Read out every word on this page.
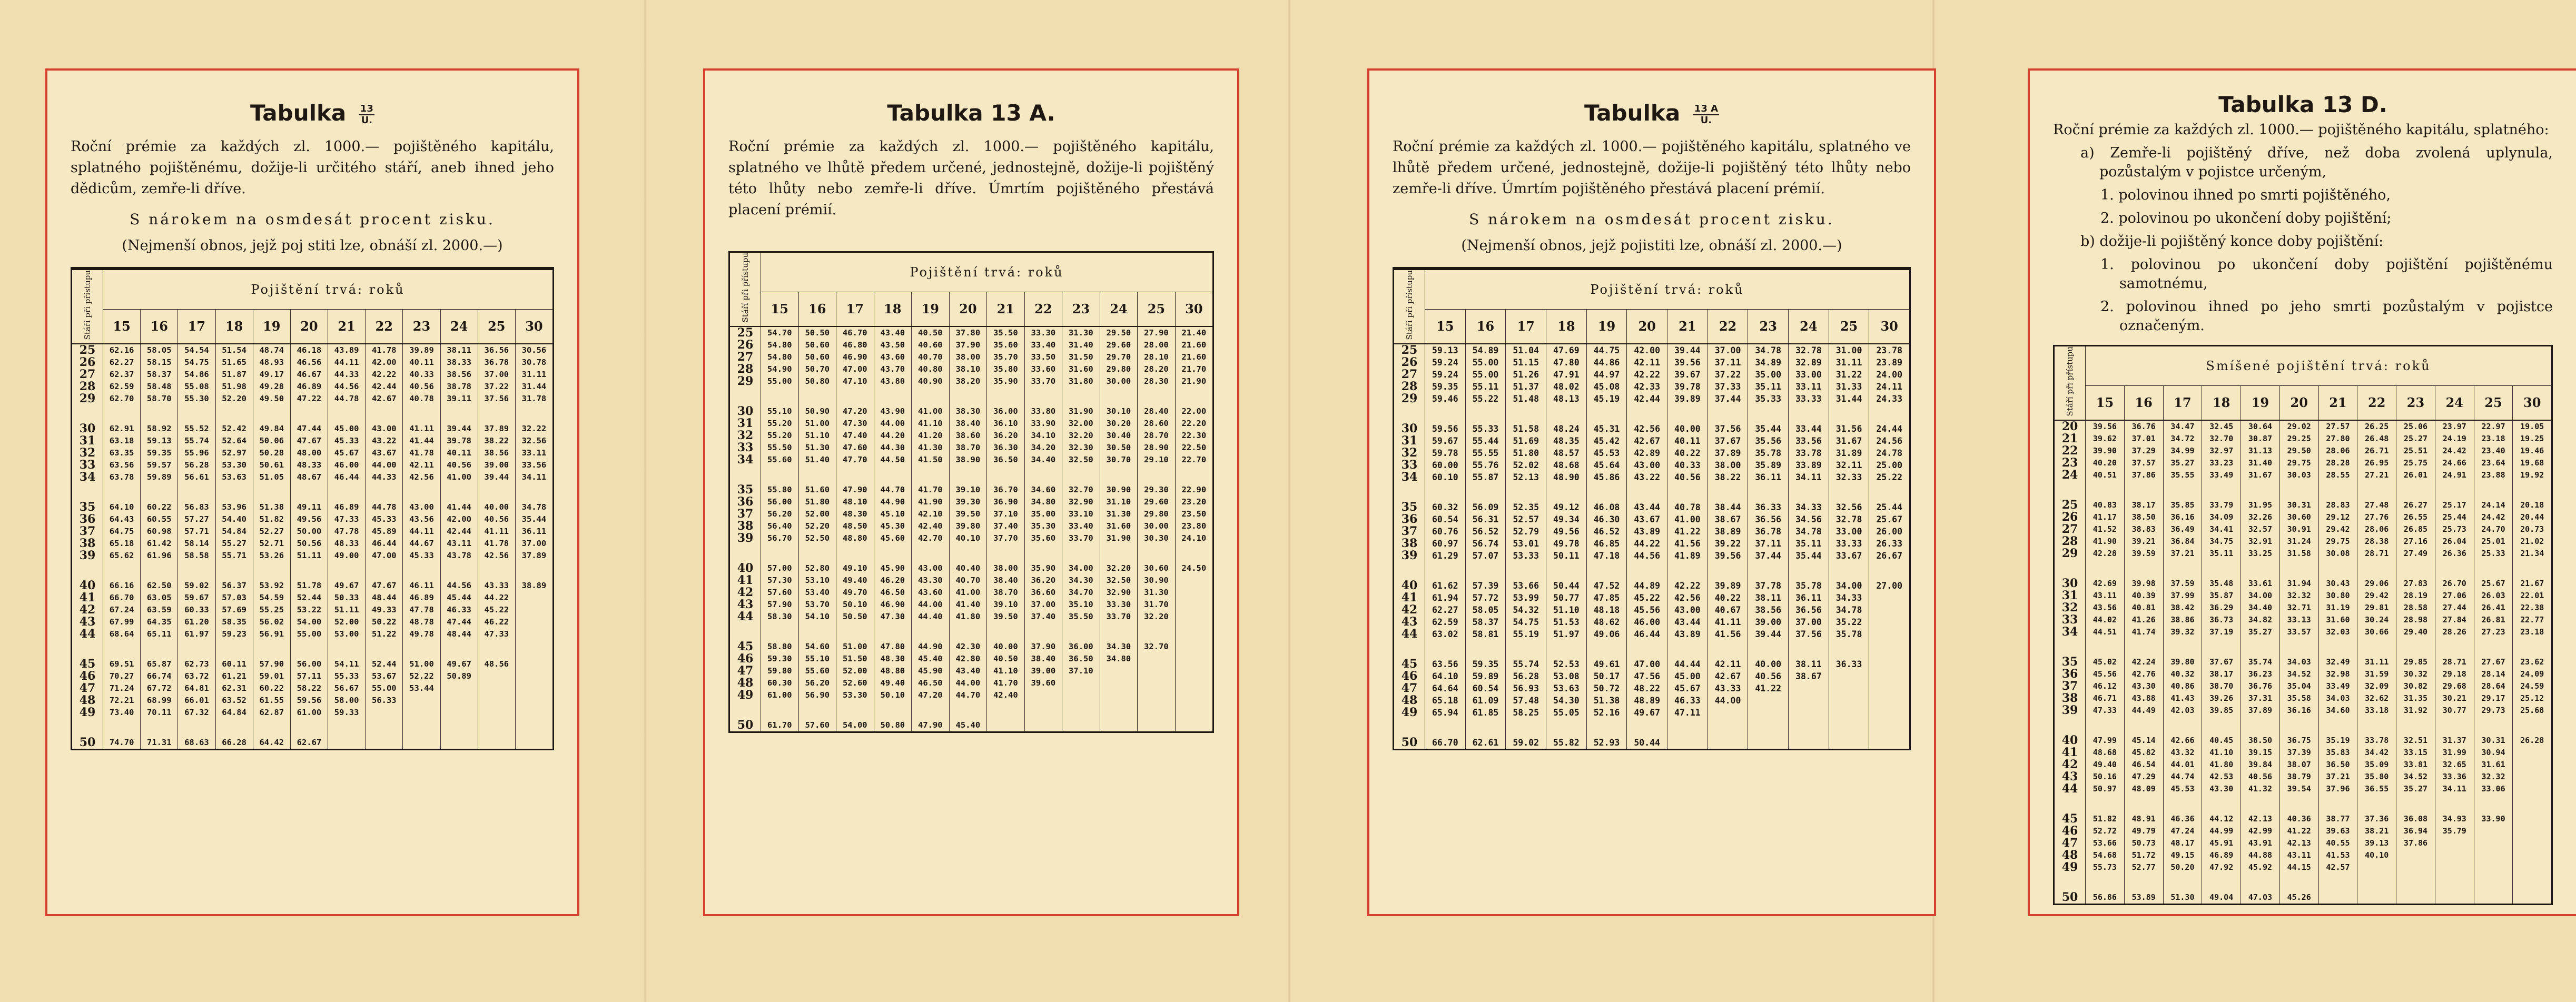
Tabulka $\frac{13}{U.}$

Roční prémie za každých zl. 1000.— pojištěného kapitálu, splatného pojištěnému, dožije-li určitého stáří, aneb ihned jeho dědicům, zemře-li dříve.

S nárokem na osmdesát procent zisku.

(Nejmenší obnos, jejž poj stiti lze, obnáší zl. 2000.—)

Stáří při přístupu	Pojištění trvá: roků											
	15	16	17	18	19	20	21	22	23	24	25	30
25	62.16	58.05	54.54	51.54	48.74	46.18	43.89	41.78	39.89	38.11	36.56	30.56
26	62.27	58.15	54.75	51.65	48.93	46.56	44.11	42.00	40.11	38.33	36.78	30.78
27	62.37	58.37	54.86	51.87	49.17	46.67	44.33	42.22	40.33	38.56	37.00	31.11
28	62.59	58.48	55.08	51.98	49.28	46.89	44.56	42.44	40.56	38.78	37.22	31.44
29	62.70	58.70	55.30	52.20	49.50	47.22	44.78	42.67	40.78	39.11	37.56	31.78

30	62.91	58.92	55.52	52.42	49.84	47.44	45.00	43.00	41.11	39.44	37.89	32.22
31	63.18	59.13	55.74	52.64	50.06	47.67	45.33	43.22	41.44	39.78	38.22	32.56
32	63.35	59.35	55.96	52.97	50.28	48.00	45.67	43.67	41.78	40.11	38.56	33.11
33	63.56	59.57	56.28	53.30	50.61	48.33	46.00	44.00	42.11	40.56	39.00	33.56
34	63.78	59.89	56.61	53.63	51.05	48.67	46.44	44.33	42.56	41.00	39.44	34.11

35	64.10	60.22	56.83	53.96	51.38	49.11	46.89	44.78	43.00	41.44	40.00	34.78
36	64.43	60.55	57.27	54.40	51.82	49.56	47.33	45.33	43.56	42.00	40.56	35.44
37	64.75	60.98	57.71	54.84	52.27	50.00	47.78	45.89	44.11	42.44	41.11	36.11
38	65.18	61.42	58.14	55.27	52.71	50.56	48.33	46.44	44.67	43.11	41.78	37.00
39	65.62	61.96	58.58	55.71	53.26	51.11	49.00	47.00	45.33	43.78	42.56	37.89

40	66.16	62.50	59.02	56.37	53.92	51.78	49.67	47.67	46.11	44.56	43.33	38.89
41	66.70	63.05	59.67	57.03	54.59	52.44	50.33	48.44	46.89	45.44	44.22	
42	67.24	63.59	60.33	57.69	55.25	53.22	51.11	49.33	47.78	46.33	45.22	
43	67.99	64.35	61.20	58.35	56.02	54.00	52.00	50.22	48.78	47.44	46.22	
44	68.64	65.11	61.97	59.23	56.91	55.00	53.00	51.22	49.78	48.44	47.33	

45	69.51	65.87	62.73	60.11	57.90	56.00	54.11	52.44	51.00	49.67	48.56	
46	70.27	66.74	63.72	61.21	59.01	57.11	55.33	53.67	52.22	50.89		
47	71.24	67.72	64.81	62.31	60.22	58.22	56.67	55.00	53.44			
48	72.21	68.99	66.01	63.52	61.55	59.56	58.00	56.33				
49	73.40	70.11	67.32	64.84	62.87	61.00	59.33					

50	74.70	71.31	68.63	66.28	64.42	62.67						
Tabulka 13 A.

Roční prémie za každých zl. 1000.— pojištěného kapitálu, splatného ve lhůtě předem určené, jednostejně, dožije-li pojištěný této lhůty nebo zemře-li dříve. Úmrtím pojištěného přestává placení prémií.

Stáří při přístupu	Pojištění trvá: roků											
	15	16	17	18	19	20	21	22	23	24	25	30
25	54.70	50.50	46.70	43.40	40.50	37.80	35.50	33.30	31.30	29.50	27.90	21.40
26	54.80	50.60	46.80	43.50	40.60	37.90	35.60	33.40	31.40	29.60	28.00	21.60
27	54.80	50.60	46.90	43.60	40.70	38.00	35.70	33.50	31.50	29.70	28.10	21.60
28	54.90	50.70	47.00	43.70	40.80	38.10	35.80	33.60	31.60	29.80	28.20	21.70
29	55.00	50.80	47.10	43.80	40.90	38.20	35.90	33.70	31.80	30.00	28.30	21.90

30	55.10	50.90	47.20	43.90	41.00	38.30	36.00	33.80	31.90	30.10	28.40	22.00
31	55.20	51.00	47.30	44.00	41.10	38.40	36.10	33.90	32.00	30.20	28.60	22.20
32	55.20	51.10	47.40	44.20	41.20	38.60	36.20	34.10	32.20	30.40	28.70	22.30
33	55.50	51.30	47.60	44.30	41.30	38.70	36.30	34.20	32.30	30.50	28.90	22.50
34	55.60	51.40	47.70	44.50	41.50	38.90	36.50	34.40	32.50	30.70	29.10	22.70

35	55.80	51.60	47.90	44.70	41.70	39.10	36.70	34.60	32.70	30.90	29.30	22.90
36	56.00	51.80	48.10	44.90	41.90	39.30	36.90	34.80	32.90	31.10	29.60	23.20
37	56.20	52.00	48.30	45.10	42.10	39.50	37.10	35.00	33.10	31.30	29.80	23.50
38	56.40	52.20	48.50	45.30	42.40	39.80	37.40	35.30	33.40	31.60	30.00	23.80
39	56.70	52.50	48.80	45.60	42.70	40.10	37.70	35.60	33.70	31.90	30.30	24.10

40	57.00	52.80	49.10	45.90	43.00	40.40	38.00	35.90	34.00	32.20	30.60	24.50
41	57.30	53.10	49.40	46.20	43.30	40.70	38.40	36.20	34.30	32.50	30.90	
42	57.60	53.40	49.70	46.50	43.60	41.00	38.70	36.60	34.70	32.90	31.30	
43	57.90	53.70	50.10	46.90	44.00	41.40	39.10	37.00	35.10	33.30	31.70	
44	58.30	54.10	50.50	47.30	44.40	41.80	39.50	37.40	35.50	33.70	32.20	

45	58.80	54.60	51.00	47.80	44.90	42.30	40.00	37.90	36.00	34.30	32.70	
46	59.30	55.10	51.50	48.30	45.40	42.80	40.50	38.40	36.50	34.80		
47	59.80	55.60	52.00	48.80	45.90	43.40	41.10	39.00	37.10			
48	60.30	56.20	52.60	49.40	46.50	44.00	41.70	39.60				
49	61.00	56.90	53.30	50.10	47.20	44.70	42.40					

50	61.70	57.60	54.00	50.80	47.90	45.40						
Tabulka $\frac{13 A}{U.}$

Roční prémie za každých zl. 1000.— pojištěného kapitálu, splatného ve lhůtě předem určené, jednostejně, dožije-li pojištěný této lhůty nebo zemře-li dříve. Úmrtím pojištěného přestává placení prémií.

S nárokem na osmdesát procent zisku.

(Nejmenší obnos, jejž pojistiti lze, obnáší zl. 2000.—)

Stáří při přístupu	Pojištění trvá: roků											
	15	16	17	18	19	20	21	22	23	24	25	30
25	59.13	54.89	51.04	47.69	44.75	42.00	39.44	37.00	34.78	32.78	31.00	23.78
26	59.24	55.00	51.15	47.80	44.86	42.11	39.56	37.11	34.89	32.89	31.11	23.89
27	59.24	55.00	51.26	47.91	44.97	42.22	39.67	37.22	35.00	33.00	31.22	24.00
28	59.35	55.11	51.37	48.02	45.08	42.33	39.78	37.33	35.11	33.11	31.33	24.11
29	59.46	55.22	51.48	48.13	45.19	42.44	39.89	37.44	35.33	33.33	31.44	24.33

30	59.56	55.33	51.58	48.24	45.31	42.56	40.00	37.56	35.44	33.44	31.56	24.44
31	59.67	55.44	51.69	48.35	45.42	42.67	40.11	37.67	35.56	33.56	31.67	24.56
32	59.78	55.55	51.80	48.57	45.53	42.89	40.22	37.89	35.78	33.78	31.89	24.78
33	60.00	55.76	52.02	48.68	45.64	43.00	40.33	38.00	35.89	33.89	32.11	25.00
34	60.10	55.87	52.13	48.90	45.86	43.22	40.56	38.22	36.11	34.11	32.33	25.22

35	60.32	56.09	52.35	49.12	46.08	43.44	40.78	38.44	36.33	34.33	32.56	25.44
36	60.54	56.31	52.57	49.34	46.30	43.67	41.00	38.67	36.56	34.56	32.78	25.67
37	60.76	56.52	52.79	49.56	46.52	43.89	41.22	38.89	36.78	34.78	33.00	26.00
38	60.97	56.74	53.01	49.78	46.85	44.22	41.56	39.22	37.11	35.11	33.33	26.33
39	61.29	57.07	53.33	50.11	47.18	44.56	41.89	39.56	37.44	35.44	33.67	26.67

40	61.62	57.39	53.66	50.44	47.52	44.89	42.22	39.89	37.78	35.78	34.00	27.00
41	61.94	57.72	53.99	50.77	47.85	45.22	42.56	40.22	38.11	36.11	34.33	
42	62.27	58.05	54.32	51.10	48.18	45.56	43.00	40.67	38.56	36.56	34.78	
43	62.59	58.37	54.75	51.53	48.62	46.00	43.44	41.11	39.00	37.00	35.22	
44	63.02	58.81	55.19	51.97	49.06	46.44	43.89	41.56	39.44	37.56	35.78	

45	63.56	59.35	55.74	52.53	49.61	47.00	44.44	42.11	40.00	38.11	36.33	
46	64.10	59.89	56.28	53.08	50.17	47.56	45.00	42.67	40.56	38.67		
47	64.64	60.54	56.93	53.63	50.72	48.22	45.67	43.33	41.22			
48	65.18	61.09	57.48	54.30	51.38	48.89	46.33	44.00				
49	65.94	61.85	58.25	55.05	52.16	49.67	47.11					

50	66.70	62.61	59.02	55.82	52.93	50.44						
Tabulka 13 D.

Roční prémie za každých zl. 1000.— pojištěného kapitálu, splatného:

a) Zemře-li pojištěný dříve, než doba zvolená uplynula, pozůstalým v pojistce určeným,

1. polovinou ihned po smrti pojištěného,

2. polovinou po ukončení doby pojištění;

b) dožije-li pojištěný konce doby pojištění:

1. polovinou po ukončení doby pojištění pojištěnému samotnému,

2. polovinou ihned po jeho smrti pozůstalým v pojistce označeným.

Stáří při přístupu	Smíšené pojištění trvá: roků											
	15	16	17	18	19	20	21	22	23	24	25	30
20	39.56	36.76	34.47	32.45	30.64	29.02	27.57	26.25	25.06	23.97	22.97	19.05
21	39.62	37.01	34.72	32.70	30.87	29.25	27.80	26.48	25.27	24.19	23.18	19.25
22	39.90	37.29	34.99	32.97	31.13	29.50	28.06	26.71	25.51	24.42	23.40	19.46
23	40.20	37.57	35.27	33.23	31.40	29.75	28.28	26.95	25.75	24.66	23.64	19.68
24	40.51	37.86	35.55	33.49	31.67	30.03	28.55	27.21	26.01	24.91	23.88	19.92

25	40.83	38.17	35.85	33.79	31.95	30.31	28.83	27.48	26.27	25.17	24.14	20.18
26	41.17	38.50	36.16	34.09	32.26	30.60	29.12	27.76	26.55	25.44	24.42	20.44
27	41.52	38.83	36.49	34.41	32.57	30.91	29.42	28.06	26.85	25.73	24.70	20.73
28	41.90	39.21	36.84	34.75	32.91	31.24	29.75	28.38	27.16	26.04	25.01	21.02
29	42.28	39.59	37.21	35.11	33.25	31.58	30.08	28.71	27.49	26.36	25.33	21.34

30	42.69	39.98	37.59	35.48	33.61	31.94	30.43	29.06	27.83	26.70	25.67	21.67
31	43.11	40.39	37.99	35.87	34.00	32.32	30.80	29.42	28.19	27.06	26.03	22.01
32	43.56	40.81	38.42	36.29	34.40	32.71	31.19	29.81	28.58	27.44	26.41	22.38
33	44.02	41.26	38.86	36.73	34.82	33.13	31.60	30.24	28.98	27.84	26.81	22.77
34	44.51	41.74	39.32	37.19	35.27	33.57	32.03	30.66	29.40	28.26	27.23	23.18

35	45.02	42.24	39.80	37.67	35.74	34.03	32.49	31.11	29.85	28.71	27.67	23.62
36	45.56	42.76	40.32	38.17	36.23	34.52	32.98	31.59	30.32	29.18	28.14	24.09
37	46.12	43.30	40.86	38.70	36.76	35.04	33.49	32.09	30.82	29.68	28.64	24.59
38	46.71	43.88	41.43	39.26	37.31	35.58	34.03	32.62	31.35	30.21	29.17	25.12
39	47.33	44.49	42.03	39.85	37.89	36.16	34.60	33.18	31.92	30.77	29.73	25.68

40	47.99	45.14	42.66	40.45	38.50	36.75	35.19	33.78	32.51	31.37	30.31	26.28
41	48.68	45.82	43.32	41.10	39.15	37.39	35.83	34.42	33.15	31.99	30.94	
42	49.40	46.54	44.01	41.80	39.84	38.07	36.50	35.09	33.81	32.65	31.61	
43	50.16	47.29	44.74	42.53	40.56	38.79	37.21	35.80	34.52	33.36	32.32	
44	50.97	48.09	45.53	43.30	41.32	39.54	37.96	36.55	35.27	34.11	33.06	

45	51.82	48.91	46.36	44.12	42.13	40.36	38.77	37.36	36.08	34.93	33.90	
46	52.72	49.79	47.24	44.99	42.99	41.22	39.63	38.21	36.94	35.79		
47	53.66	50.73	48.17	45.91	43.91	42.13	40.55	39.13	37.86			
48	54.68	51.72	49.15	46.89	44.88	43.11	41.53	40.10				
49	55.73	52.77	50.20	47.92	45.92	44.15	42.57					

50	56.86	53.89	51.30	49.04	47.03	45.26						
